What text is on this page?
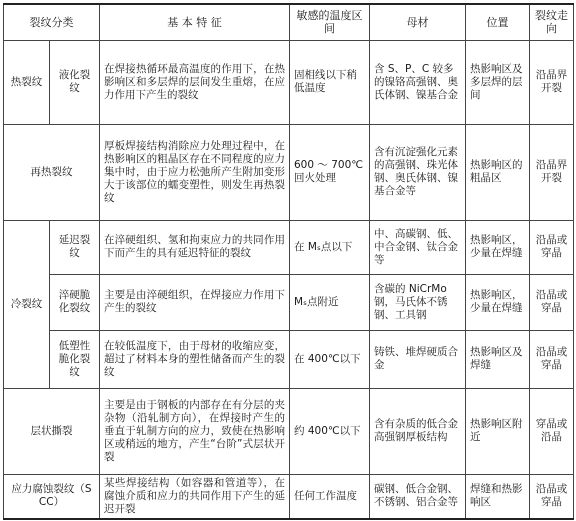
裂纹分类		基 本 特 征	敏感的温度区间	母材	位置	裂纹走向
热裂纹	液化裂纹	在焊接热循环最高温度的作用下，在热影响区和多层焊的层间发生重熔，在应力作用下产生的裂纹	固相线以下稍低温度	含 S、P、C 较多的镍铬高强钢、奥氏体钢、镍基合金	热影响区及多层焊的层间	沿晶界开裂
再热裂纹		厚板焊接结构消除应力处理过程中，在热影响区的粗晶区存在不同程度的应力集中时，由于应力松弛所产生附加变形大于该部位的蠕变塑性，则发生再热裂纹	600 ～ 700℃回火处理	含有沉淀强化元素的高强钢、珠光体钢、奥氏体钢、镍基合金等	热影响区的粗晶区	沿晶界开裂
冷裂纹	延迟裂纹	在淬硬组织、氢和拘束应力的共同作用下而产生的具有延迟特征的裂纹	在 Mₛ点以下	中、高碳钢、低、中合金钢、钛合金等	热影响区，少量在焊缝	沿晶或穿晶
	淬硬脆化裂纹	主要是由淬硬组织，在焊接应力作用下产生的裂纹	Mₛ点附近	含碳的 NiCrMo 钢，马氏体不锈钢、工具钢	热影响区，少量在焊缝	沿晶或穿晶
	低塑性脆化裂纹	在较低温度下，由于母材的收缩应变，超过了材料本身的塑性储备而产生的裂纹	在 400℃以下	铸铁、堆焊硬质合金	热影响区及焊缝	沿晶或穿晶
层状撕裂		主要是由于钢板的内部存在有分层的夹杂物（沿轧制方向），在焊接时产生的垂直于轧制方向的应力，致使在热影响区或稍远的地方，产生“台阶”式层状开裂	约 400℃以下	含有杂质的低合金高强钢厚板结构	热影响区附近	穿晶或沿晶
应力腐蚀裂纹（SCC）		某些焊接结构（如容器和管道等），在腐蚀介质和应力的共同作用下产生的延迟开裂	任何工作温度	碳钢、低合金钢、不锈钢、铝合金等	焊缝和热影响区	沿晶或穿晶
